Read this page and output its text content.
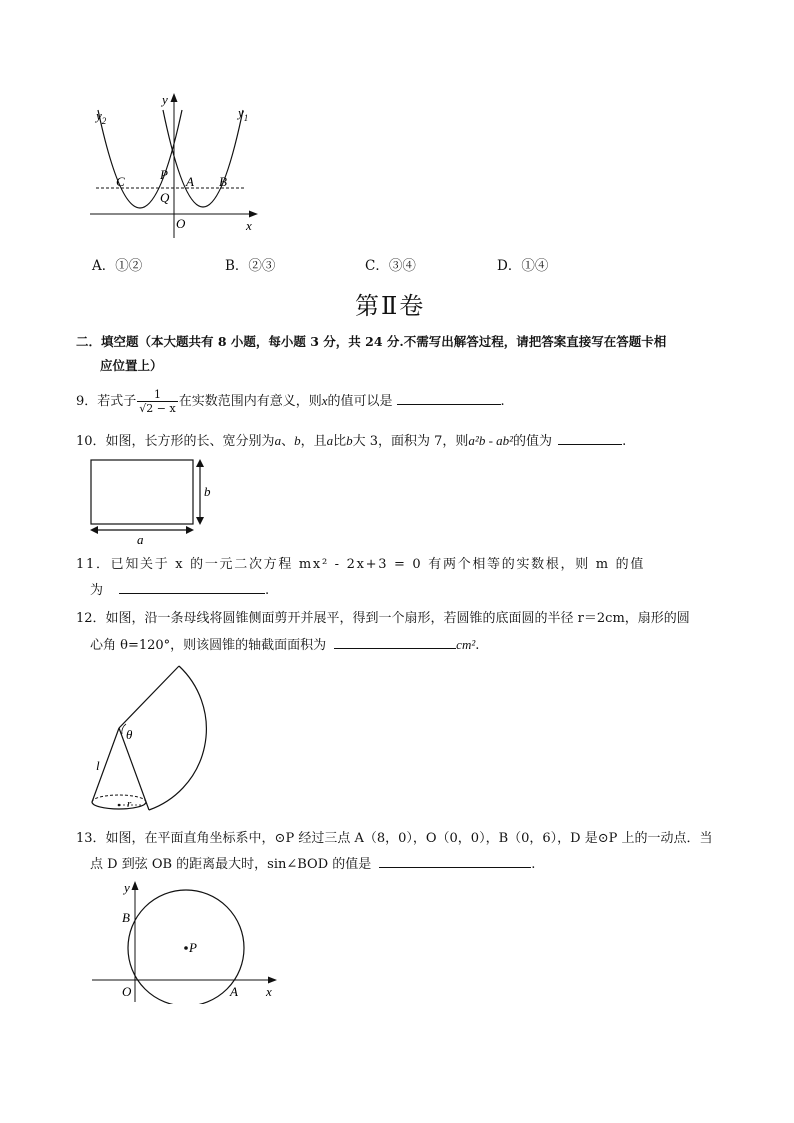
$y_2$
y
$y_1$
P
C	A B
Q
O	x
A．①②	B．②③	C．③④	D．①④
第Ⅱ卷
二．填空题（本大题共有 8 小题，每小题 3 分，共 24 分.不需写出解答过程，请把答案直接写在答题卡相
应位置上）
9．若式子 $\frac{1}{√2 - x}$ 在实数范围内有意义，则x的值可以是	.
10．如图，长方形的长、宽分别为a、b，且a比b大 3，面积为 7，则a²b - ab²的值为	.
b
a
11．已知关于 x 的一元二次方程 mx² - 2x+3 = 0 有两个相等的实数根，则 m 的值
为	.
12．如图，沿一条母线将圆锥侧面剪开并展平，得到一个扇形，若圆锥的底面圆的半径 r＝2cm，扇形的圆
心角 θ=120°，则该圆锥的轴截面面积为	cm².
θ
l
r
13．如图，在平面直角坐标系中，⊙P 经过三点 A（8，0），O（0，0），B（0，6），D 是⊙P 上的一动点．当
点 D 到弦 OB 的距离最大时，sin∠BOD 的值是	.
y
B
P
O	A x
